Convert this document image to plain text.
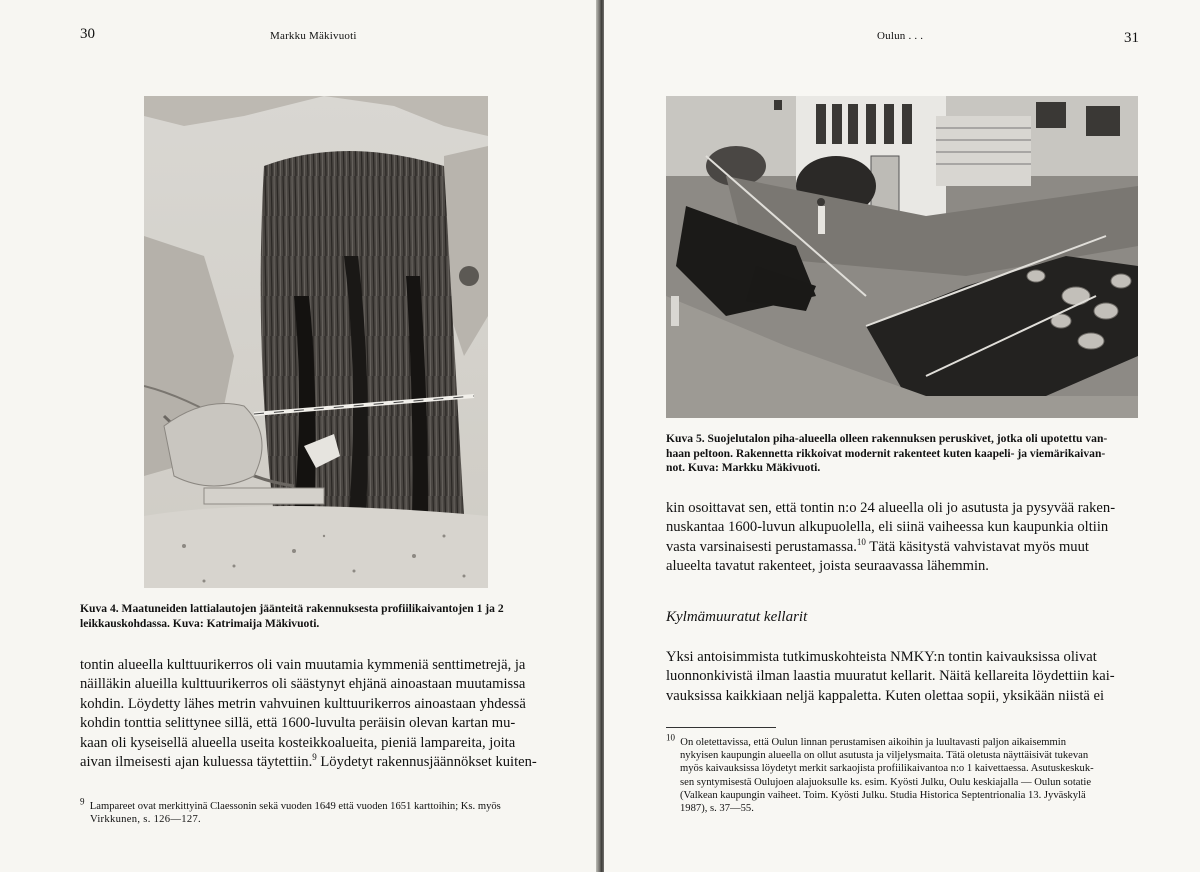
30	Markku Mäkivuoti
Kuva 4. Maatuneiden lattialautojen jäänteitä rakennuksesta profiilikaivantojen 1 ja 2
leikkauskohdassa. Kuva: Katrimaija Mäkivuoti.
tontin alueella kulttuurikerros oli vain muutamia kymmeniä senttimetrejä, ja
näilläkin alueilla kulttuurikerros oli säästynyt ehjänä ainoastaan muutamissa
kohdin. Löydetty lähes metrin vahvuinen kulttuurikerros ainoastaan yhdessä
kohdin tonttia selittynee sillä, että 1600-luvulta peräisin olevan kartan mu-
kaan oli kyseisellä alueella useita kosteikkoalueita, pieniä lampareita, joita
aivan ilmeisesti ajan kuluessa täytettiin.$^9$ Löydetyt rakennusjäännökset kuiten-
$^9$ Lampareet ovat merkittyinä Claessonin sekä vuoden 1649 että vuoden 1651 karttoihin; Ks. myös
Virkkunen, s. 126—127.
Oulun . . .	31
Kuva 5. Suojelutalon piha-alueella olleen rakennuksen peruskivet, jotka oli upotettu van-
haan peltoon. Rakennetta rikkoivat modernit rakenteet kuten kaapeli- ja viemärikaivan-
not. Kuva: Markku Mäkivuoti.
kin osoittavat sen, että tontin n:o 24 alueella oli jo asutusta ja pysyvää raken-
nuskantaa 1600-luvun alkupuolella, eli siinä vaiheessa kun kaupunkia oltiin
vasta varsinaisesti perustamassa.$^{10}$ Tätä käsitystä vahvistavat myös muut
alueelta tavatut rakenteet, joista seuraavassa lähemmin.
Kylmämuuratut kellarit
Yksi antoisimmista tutkimuskohteista NMKY:n tontin kaivauksissa olivat
luonnonkivistä ilman laastia muuratut kellarit. Näitä kellareita löydettiin kai-
vauksissa kaikkiaan neljä kappaletta. Kuten olettaa sopii, yksikään niistä ei
$^{10}$ On oletettavissa, että Oulun linnan perustamisen aikoihin ja luultavasti paljon aikaisemmin
nykyisen kaupungin alueella on ollut asutusta ja viljelysmaita. Tätä oletusta näyttäisivät tukevan
myös kaivauksissa löydetyt merkit sarkaojista profiilikaivantoa n:o 1 kaivettaessa. Asutuskeskuk-
sen syntymisestä Oulujoen alajuoksulle ks. esim. Kyösti Julku, Oulu keskiajalla — Oulun sotatie
(Valkean kaupungin vaiheet. Toim. Kyösti Julku. Studia Historica Septentrionalia 13. Jyväskylä
1987), s. 37—55.
